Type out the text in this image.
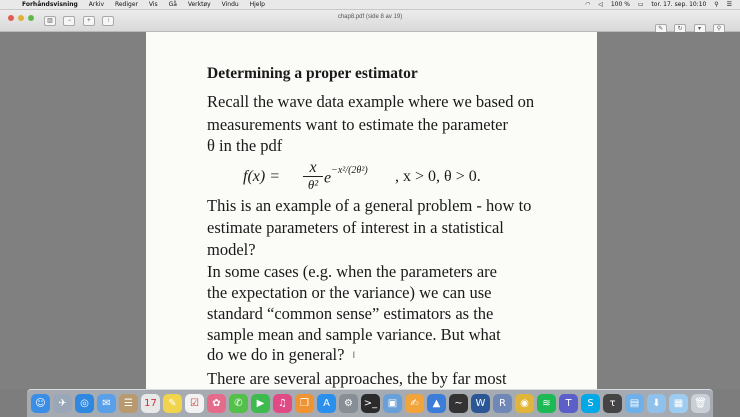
Forhåndsvisning Arkiv Rediger Vis Gå Verktøy Vindu Hjelp	◠ ◁ 100 % ▭ tor. 17. sep. 10:10 ⚲ ☰
chap8.pdf (side 8 av 19)
▥ −	+	↑
✎ ↻	▾	⚲
Determining a proper estimator
Recall the wave data example where we based on
measurements want to estimate the parameter
θ in the pdf
f(x) =
x
θ² $e^{-x^2/(2\theta^2)}$ , x > 0, θ > 0.
This is an example of a general problem - how to
estimate parameters of interest in a statistical
model?
In some cases (e.g. when the parameters are
the expectation or the variance) we can use
standard “common sense” estimators as the
sample mean and sample variance. But what
do we do in general? I
There are several approaches, the by far most
☺	✈	◎	✉	☰	17	✎	☑	✿	✆	▶	♫	❒	A	⚙	>_	▣	✍	▲	~	W	R	◉	≋	T	S	τ	▤	⬇	▦	🗑
